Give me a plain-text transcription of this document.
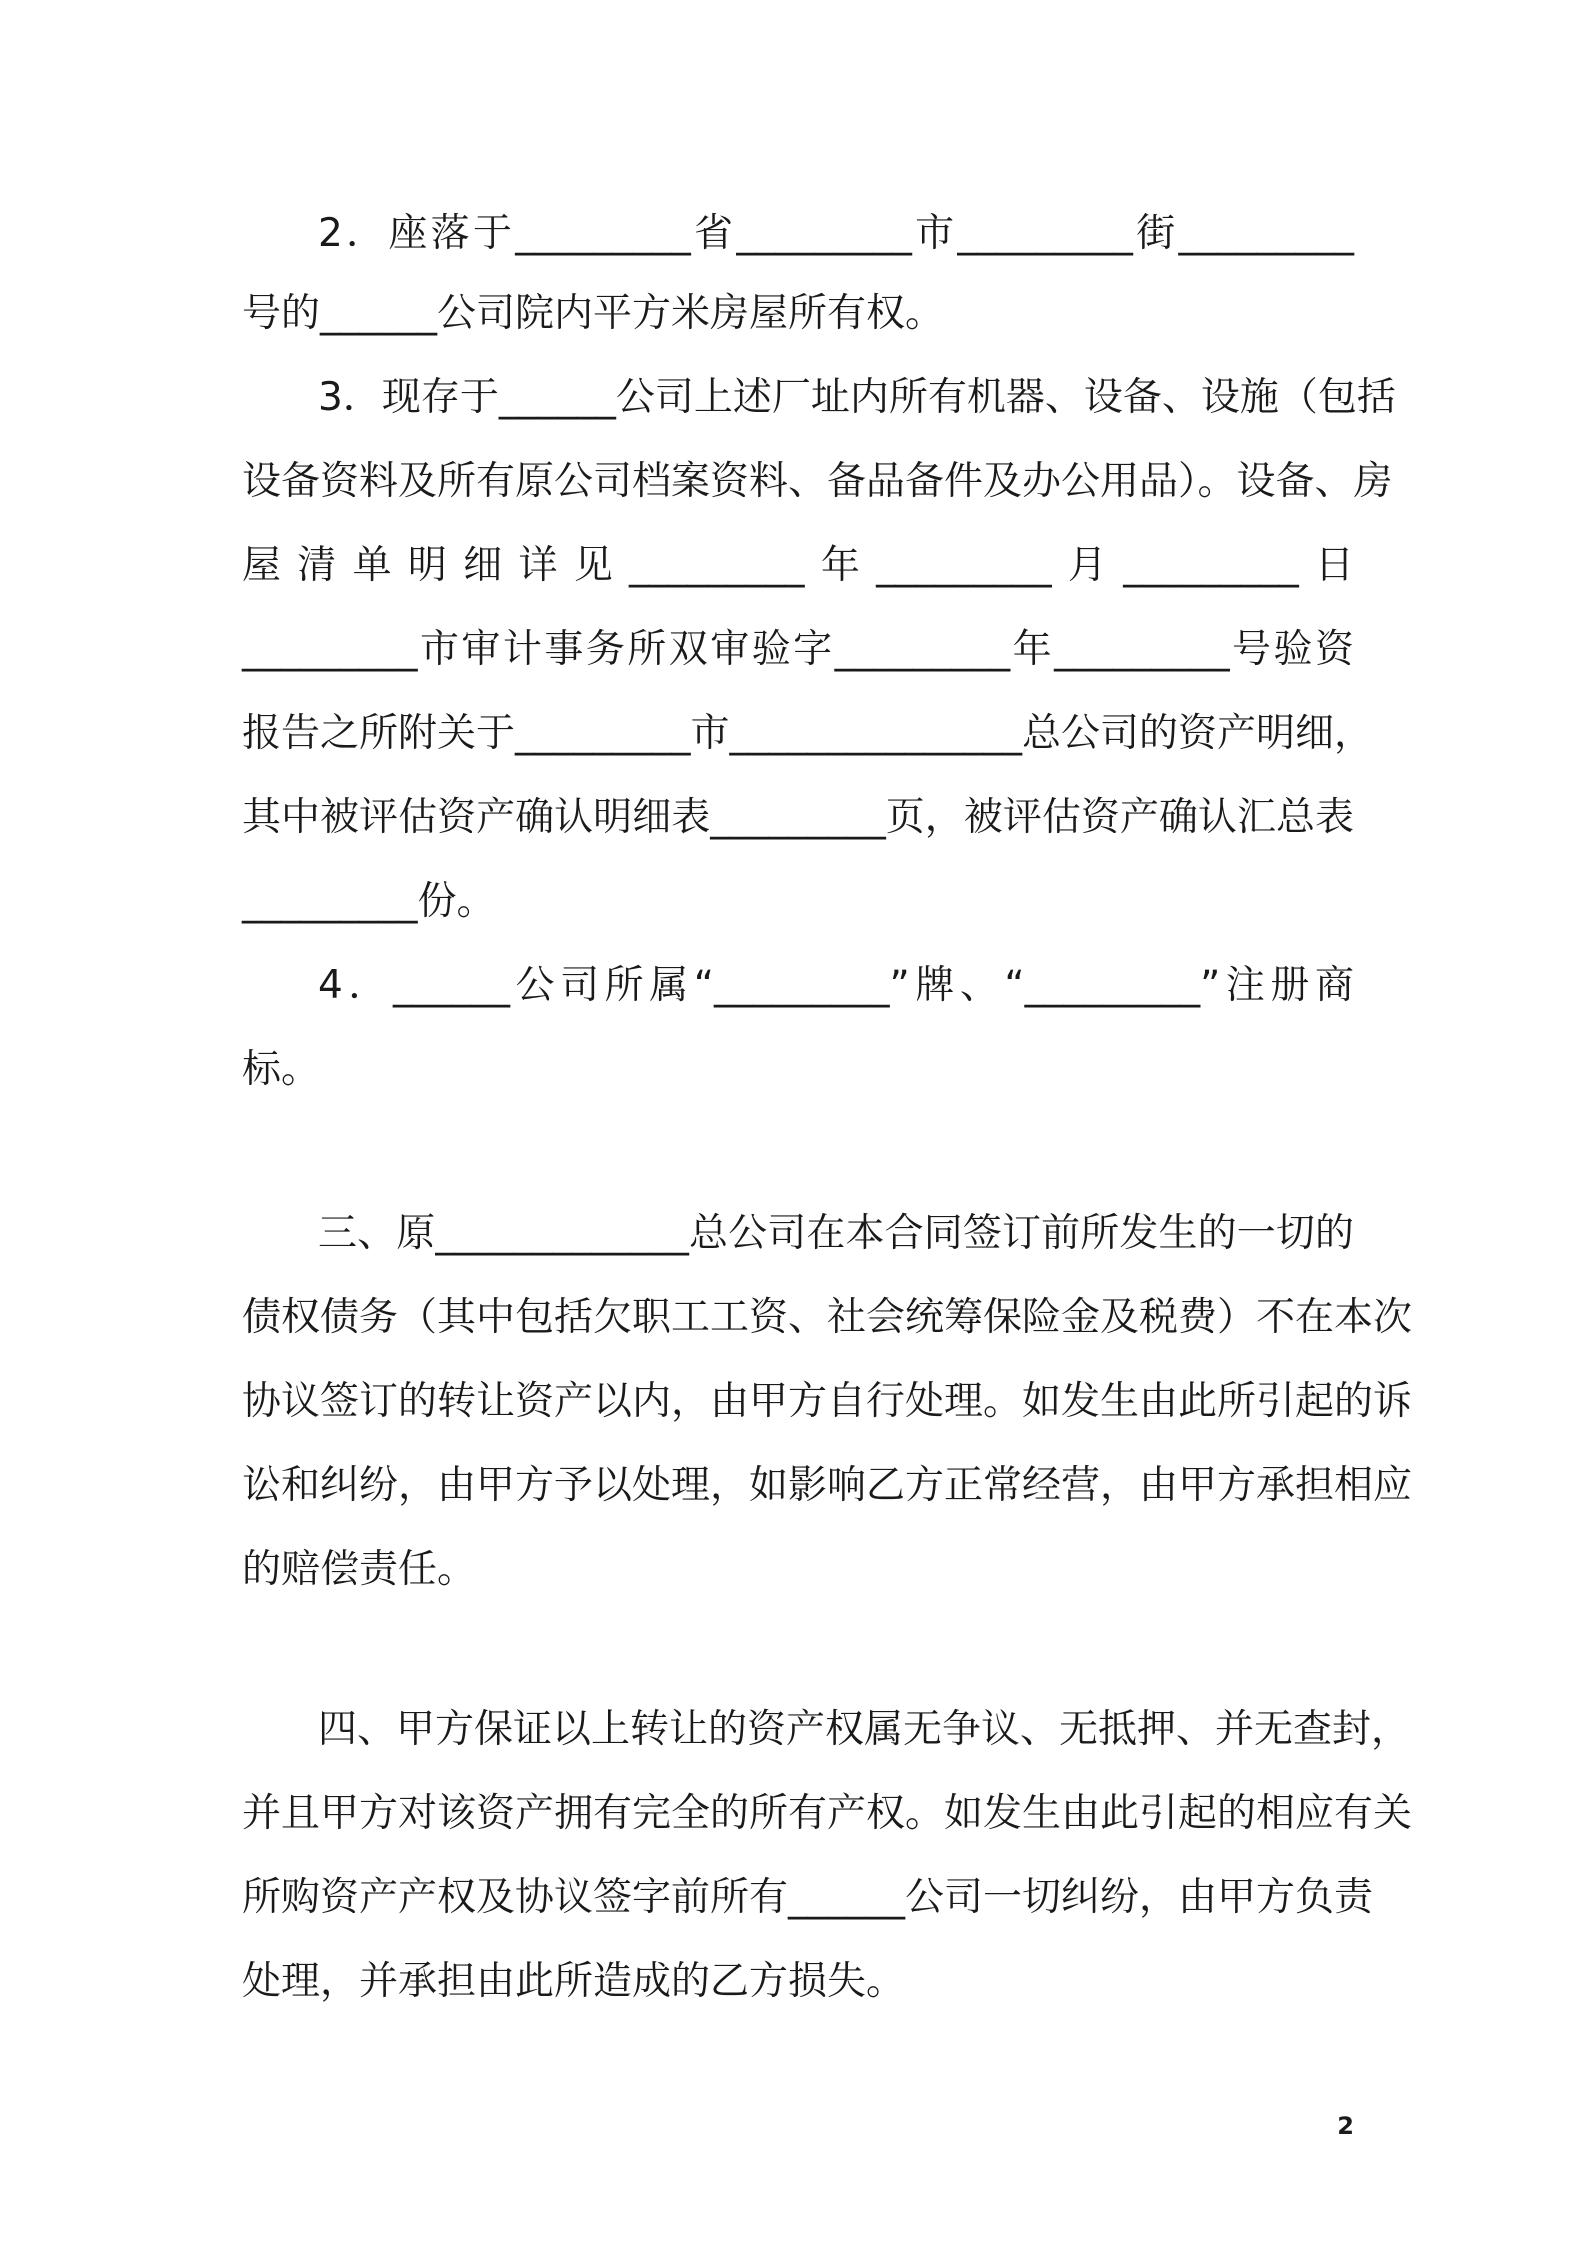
2．座落于_________省_________市_________街_________

号的______公司院内平方米房屋所有权。

3．现存于______公司上述厂址内所有机器、设备、设施（包括

设备资料及所有原公司档案资料、备品备件及办公用品）。设备、房

屋清单明细详见_________年_________月_________日

_________市审计事务所双审验字_________年_________号验资

报告之所附关于_________市_______________总公司的资产明细，

其中被评估资产确认明细表_________页，被评估资产确认汇总表

_________份。

4．______公司所属“_________”牌、“_________”注册商

标。

三、原_____________总公司在本合同签订前所发生的一切的

债权债务（其中包括欠职工工资、社会统筹保险金及税费）不在本次

协议签订的转让资产以内，由甲方自行处理。如发生由此所引起的诉

讼和纠纷，由甲方予以处理，如影响乙方正常经营，由甲方承担相应

的赔偿责任。

四、甲方保证以上转让的资产权属无争议、无抵押、并无查封，

并且甲方对该资产拥有完全的所有产权。如发生由此引起的相应有关

所购资产产权及协议签字前所有______公司一切纠纷，由甲方负责

处理，并承担由此所造成的乙方损失。

2
